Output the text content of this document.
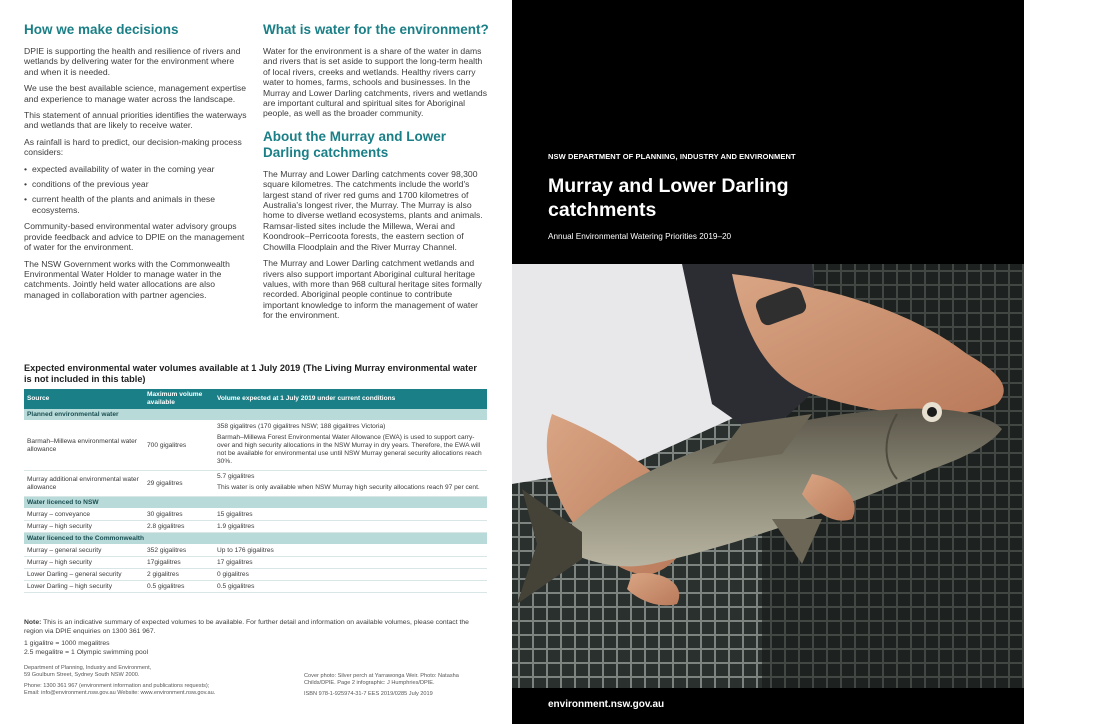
How we make decisions

DPIE is supporting the health and resilience of rivers and wetlands by delivering water for the environment where and when it is needed.

We use the best available science, management expertise and experience to manage water across the landscape.

This statement of annual priorities identifies the waterways and wetlands that are likely to receive water.

As rainfall is hard to predict, our decision-making process considers:

• expected availability of water in the coming year
• conditions of the previous year
• current health of the plants and animals in these ecosystems.

Community-based environmental water advisory groups provide feedback and advice to DPIE on the management of water for the environment.

The NSW Government works with the Commonwealth Environmental Water Holder to manage water in the catchments. Jointly held water allocations are also managed in collaboration with partner agencies.

What is water for the environment?

Water for the environment is a share of the water in dams and rivers that is set aside to support the long-term health of local rivers, creeks and wetlands. Healthy rivers carry water to homes, farms, schools and businesses. In the Murray and Lower Darling catchments, rivers and wetlands are important cultural and spiritual sites for Aboriginal people, as well as the broader community.

About the Murray and Lower Darling catchments

The Murray and Lower Darling catchments cover 98,300 square kilometres. The catchments include the world's largest stand of river red gums and 1700 kilometres of Australia's longest river, the Murray. The Murray is also home to diverse wetland ecosystems, plants and animals. Ramsar-listed sites include the Millewa, Werai and Koondrook–Perricoota forests, the eastern section of Chowilla Floodplain and the River Murray Channel.

The Murray and Lower Darling catchment wetlands and rivers also support important Aboriginal cultural heritage values, with more than 968 cultural heritage sites formally recorded. Aboriginal people continue to contribute important knowledge to inform the management of water for the environment.

Expected environmental water volumes available at 1 July 2019 (The Living Murray environmental water is not included in this table)
Source	Maximum volume available	Volume expected at 1 July 2019 under current conditions
Planned environmental water		
Barmah–Millewa environmental water allowance	700 gigalitres	358 gigalitres (170 gigalitres NSW; 188 gigalitres Victoria)
Barmah–Millewa Forest Environmental Water Allowance (EWA) is used to support carry-over and high security allocations in the NSW Murray in dry years. Therefore, the EWA will not be available for environmental use until NSW Murray general security allocations reach 30%.

Murray additional environmental water allowance	29 gigalitres	5.7 gigalitres
This water is only available when NSW Murray high security allocations reach 97 per cent.

Water licenced to NSW		
Murray – conveyance	30 gigalitres	15 gigalitres
Murray – high security	2.8 gigalitres	1.9 gigalitres
Water licenced to the Commonwealth		
Murray – general security	352 gigalitres	Up to 176 gigalitres
Murray – high security	17gigalitres	17 gigalitres
Lower Darling – general security	2 gigalitres	0 gigalitres
Lower Darling – high security	0.5 gigalitres	0.5 gigalitres

Note: This is an indicative summary of expected volumes to be available. For further detail and information on available volumes, please contact the region via DPIE enquiries on 1300 361 967.

1 gigalitre = 1000 megalitres

2.5 megalitre = 1 Olympic swimming pool

Department of Planning, Industry and Environment,

59 Goulburn Street, Sydney South NSW 2000.

Phone: 1300 361 967 (environment information and publications requests);

Email: info@environment.nsw.gov.au Website: www.environment.nsw.gov.au.

Cover photo: Silver perch at Yarrawonga Weir. Photo: Natasha

Childs/DPIE. Page 2 infographic: J Humphries/DPIE.

ISBN 978-1-925974-31-7 EES 2019/0285 July 2019

NSW
GOVERNMENT
NSW DEPARTMENT OF PLANNING, INDUSTRY AND ENVIRONMENT
Murray and Lower Darling catchments
Annual Environmental Watering Priorities 2019–20
environment.nsw.gov.au
